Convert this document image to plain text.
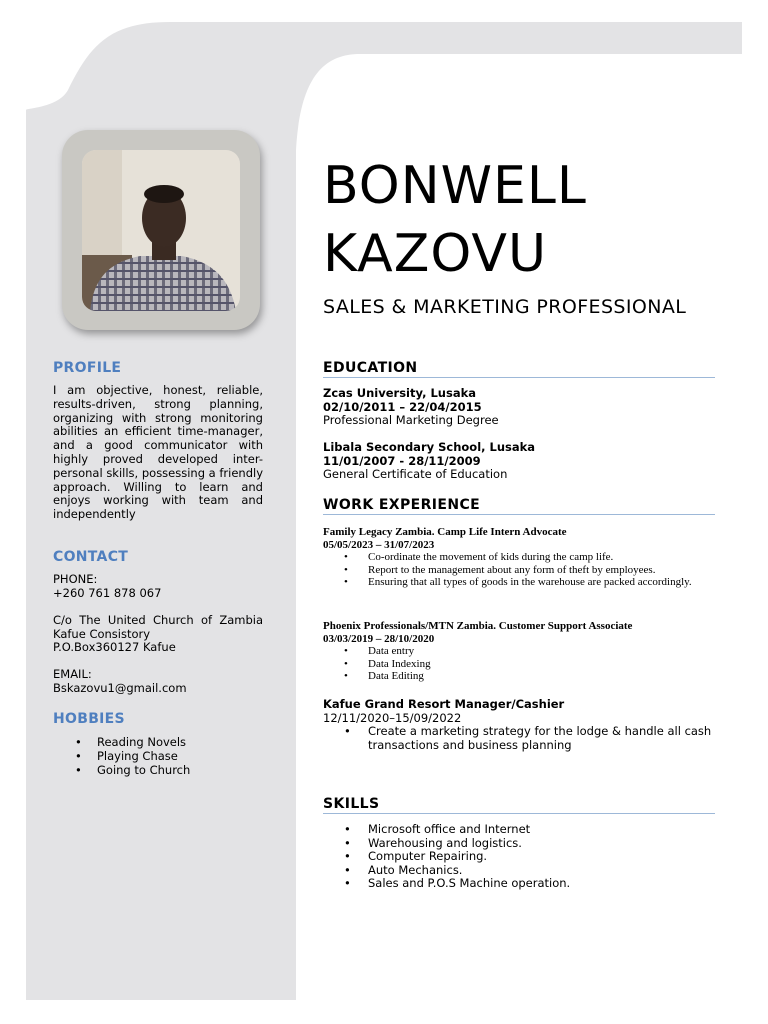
PROFILE
I am objective, honest, reliable, results-driven, strong planning, organizing with strong monitoring abilities an efficient time-manager, and a good communicator with highly proved developed inter-personal skills, possessing a friendly approach. Willing to learn and enjoys working with team and independently
CONTACT
PHONE:
+260 761 878 067
C/o The United Church of Zambia
Kafue Consistory
P.O.Box360127 Kafue
EMAIL:
Bskazovu1@gmail.com
HOBBIES
• Reading Novels
• Playing Chase
• Going to Church
BONWELL
KAZOVU
SALES & MARKETING PROFESSIONAL
EDUCATION
Zcas University, Lusaka
02/10/2011 – 22/04/2015
Professional Marketing Degree
Libala Secondary School, Lusaka
11/01/2007 - 28/11/2009
General Certificate of Education
WORK EXPERIENCE
Family Legacy Zambia. Camp Life Intern Advocate
05/05/2023 – 31/07/2023
• Co-ordinate the movement of kids during the camp life.
• Report to the management about any form of theft by employees.
• Ensuring that all types of goods in the warehouse are packed accordingly.
Phoenix Professionals/MTN Zambia. Customer Support Associate
03/03/2019 – 28/10/2020
• Data entry
• Data Indexing
• Data Editing
Kafue Grand Resort Manager/Cashier
12/11/2020–15/09/2022
• Create a marketing strategy for the lodge & handle all cash transactions and business planning
SKILLS
• Microsoft office and Internet
• Warehousing and logistics.
• Computer Repairing.
• Auto Mechanics.
• Sales and P.O.S Machine operation.
